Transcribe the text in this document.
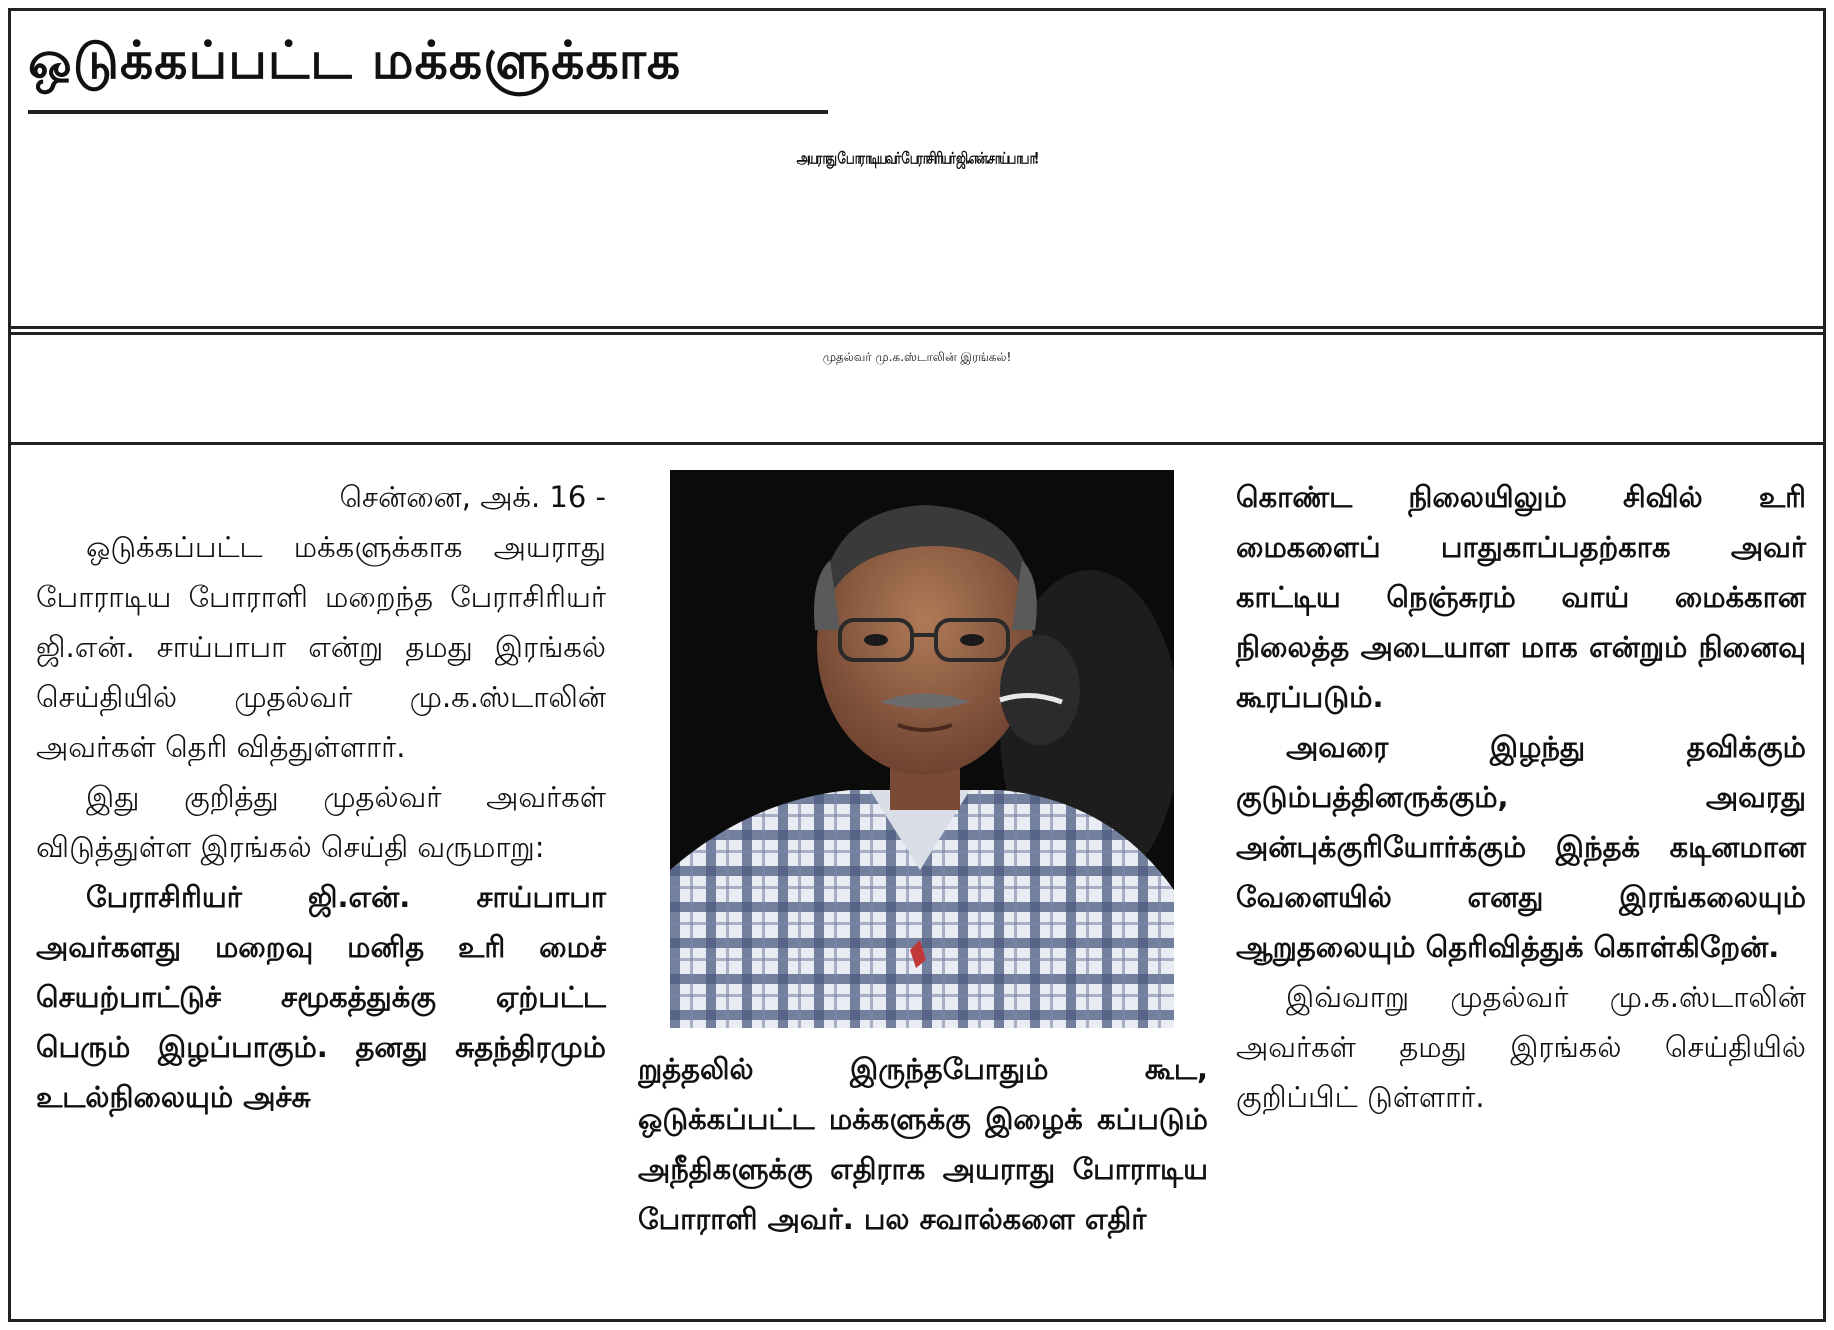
ஒடுக்கப்பட்ட மக்களுக்காக
அயராது போராடியவர் பேராசிரியர் ஜி.என்.சாய்பாபா!
முதல்வர் மு.க.ஸ்டாலின் இரங்கல்!

சென்னை, அக். 16 -

ஒடுக்கப்பட்ட மக்களுக்காக அயராது போராடிய போராளி மறைந்த பேராசிரியர் ஜி.என். சாய்பாபா என்று தமது இரங்கல் செய்தியில் முதல்வர் மு.க.ஸ்டாலின் அவர்கள் தெரி வித்துள்ளார்.

இது குறித்து முதல்வர் அவர்கள் விடுத்துள்ள இரங்கல் செய்தி வருமாறு:

பேராசிரியர் ஜி.என். சாய்பாபா அவர்களது மறைவு மனித உரி மைச் செயற்பாட்டுச் சமூகத்துக்கு ஏற்பட்ட பெரும் இழப்பாகும். தனது சுதந்திரமும் உடல்நிலையும் அச்சு

றுத்தலில் இருந்தபோதும் கூட, ஒடுக்கப்பட்ட மக்களுக்கு இழைக் கப்படும் அநீதிகளுக்கு எதிராக அயராது போராடிய போராளி அவர். பல சவால்களை எதிர்

கொண்ட நிலையிலும் சிவில் உரி மைகளைப் பாதுகாப்பதற்காக அவர் காட்டிய நெஞ்சுரம் வாய் மைக்கான நிலைத்த அடையாள மாக என்றும் நினைவு கூரப்படும்.

அவரை இழந்து தவிக்கும் குடும்பத்தினருக்கும், அவரது அன்புக்குரியோர்க்கும் இந்தக் கடினமான வேளையில் எனது இரங்கலையும் ஆறுதலையும் தெரிவித்துக் கொள்கிறேன்.

இவ்வாறு முதல்வர் மு.க.ஸ்டாலின் அவர்கள் தமது இரங்கல் செய்தியில் குறிப்பிட் டுள்ளார்.
